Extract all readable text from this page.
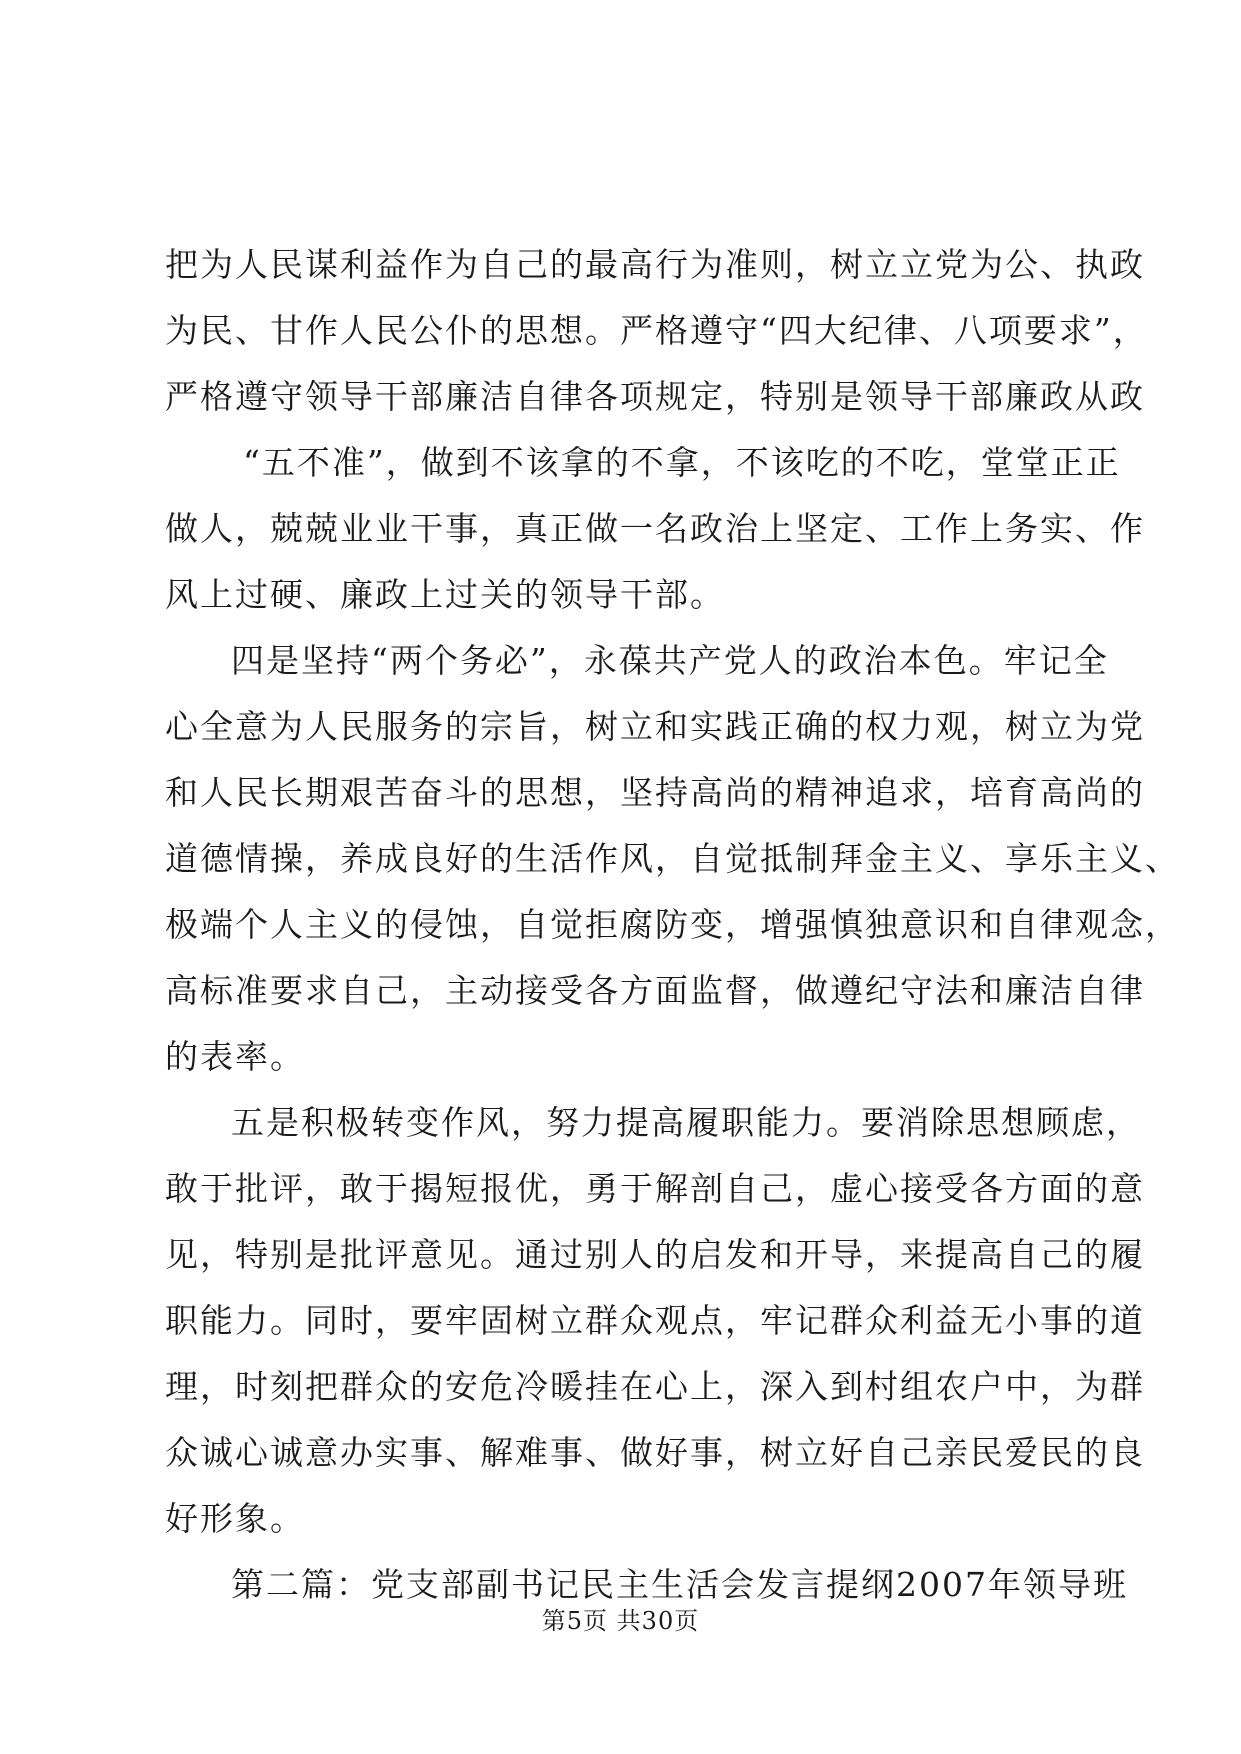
把为人民谋利益作为自己的最高行为准则，树立立党为公、执政
为民、甘作人民公仆的思想。严格遵守“四大纪律、八项要求”，
严格遵守领导干部廉洁自律各项规定，特别是领导干部廉政从政
“五不准”，做到不该拿的不拿，不该吃的不吃，堂堂正正
做人，兢兢业业干事，真正做一名政治上坚定、工作上务实、作
风上过硬、廉政上过关的领导干部。
四是坚持“两个务必”，永葆共产党人的政治本色。牢记全
心全意为人民服务的宗旨，树立和实践正确的权力观，树立为党
和人民长期艰苦奋斗的思想，坚持高尚的精神追求，培育高尚的
道德情操，养成良好的生活作风，自觉抵制拜金主义、享乐主义、
极端个人主义的侵蚀，自觉拒腐防变，增强慎独意识和自律观念，
高标准要求自己，主动接受各方面监督，做遵纪守法和廉洁自律
的表率。
五是积极转变作风，努力提高履职能力。要消除思想顾虑，
敢于批评，敢于揭短报优，勇于解剖自己，虚心接受各方面的意
见，特别是批评意见。通过别人的启发和开导，来提高自己的履
职能力。同时，要牢固树立群众观点，牢记群众利益无小事的道
理，时刻把群众的安危冷暖挂在心上，深入到村组农户中，为群
众诚心诚意办实事、解难事、做好事，树立好自己亲民爱民的良
好形象。
第二篇：党支部副书记民主生活会发言提纲2007年领导班
第5页 共30页
